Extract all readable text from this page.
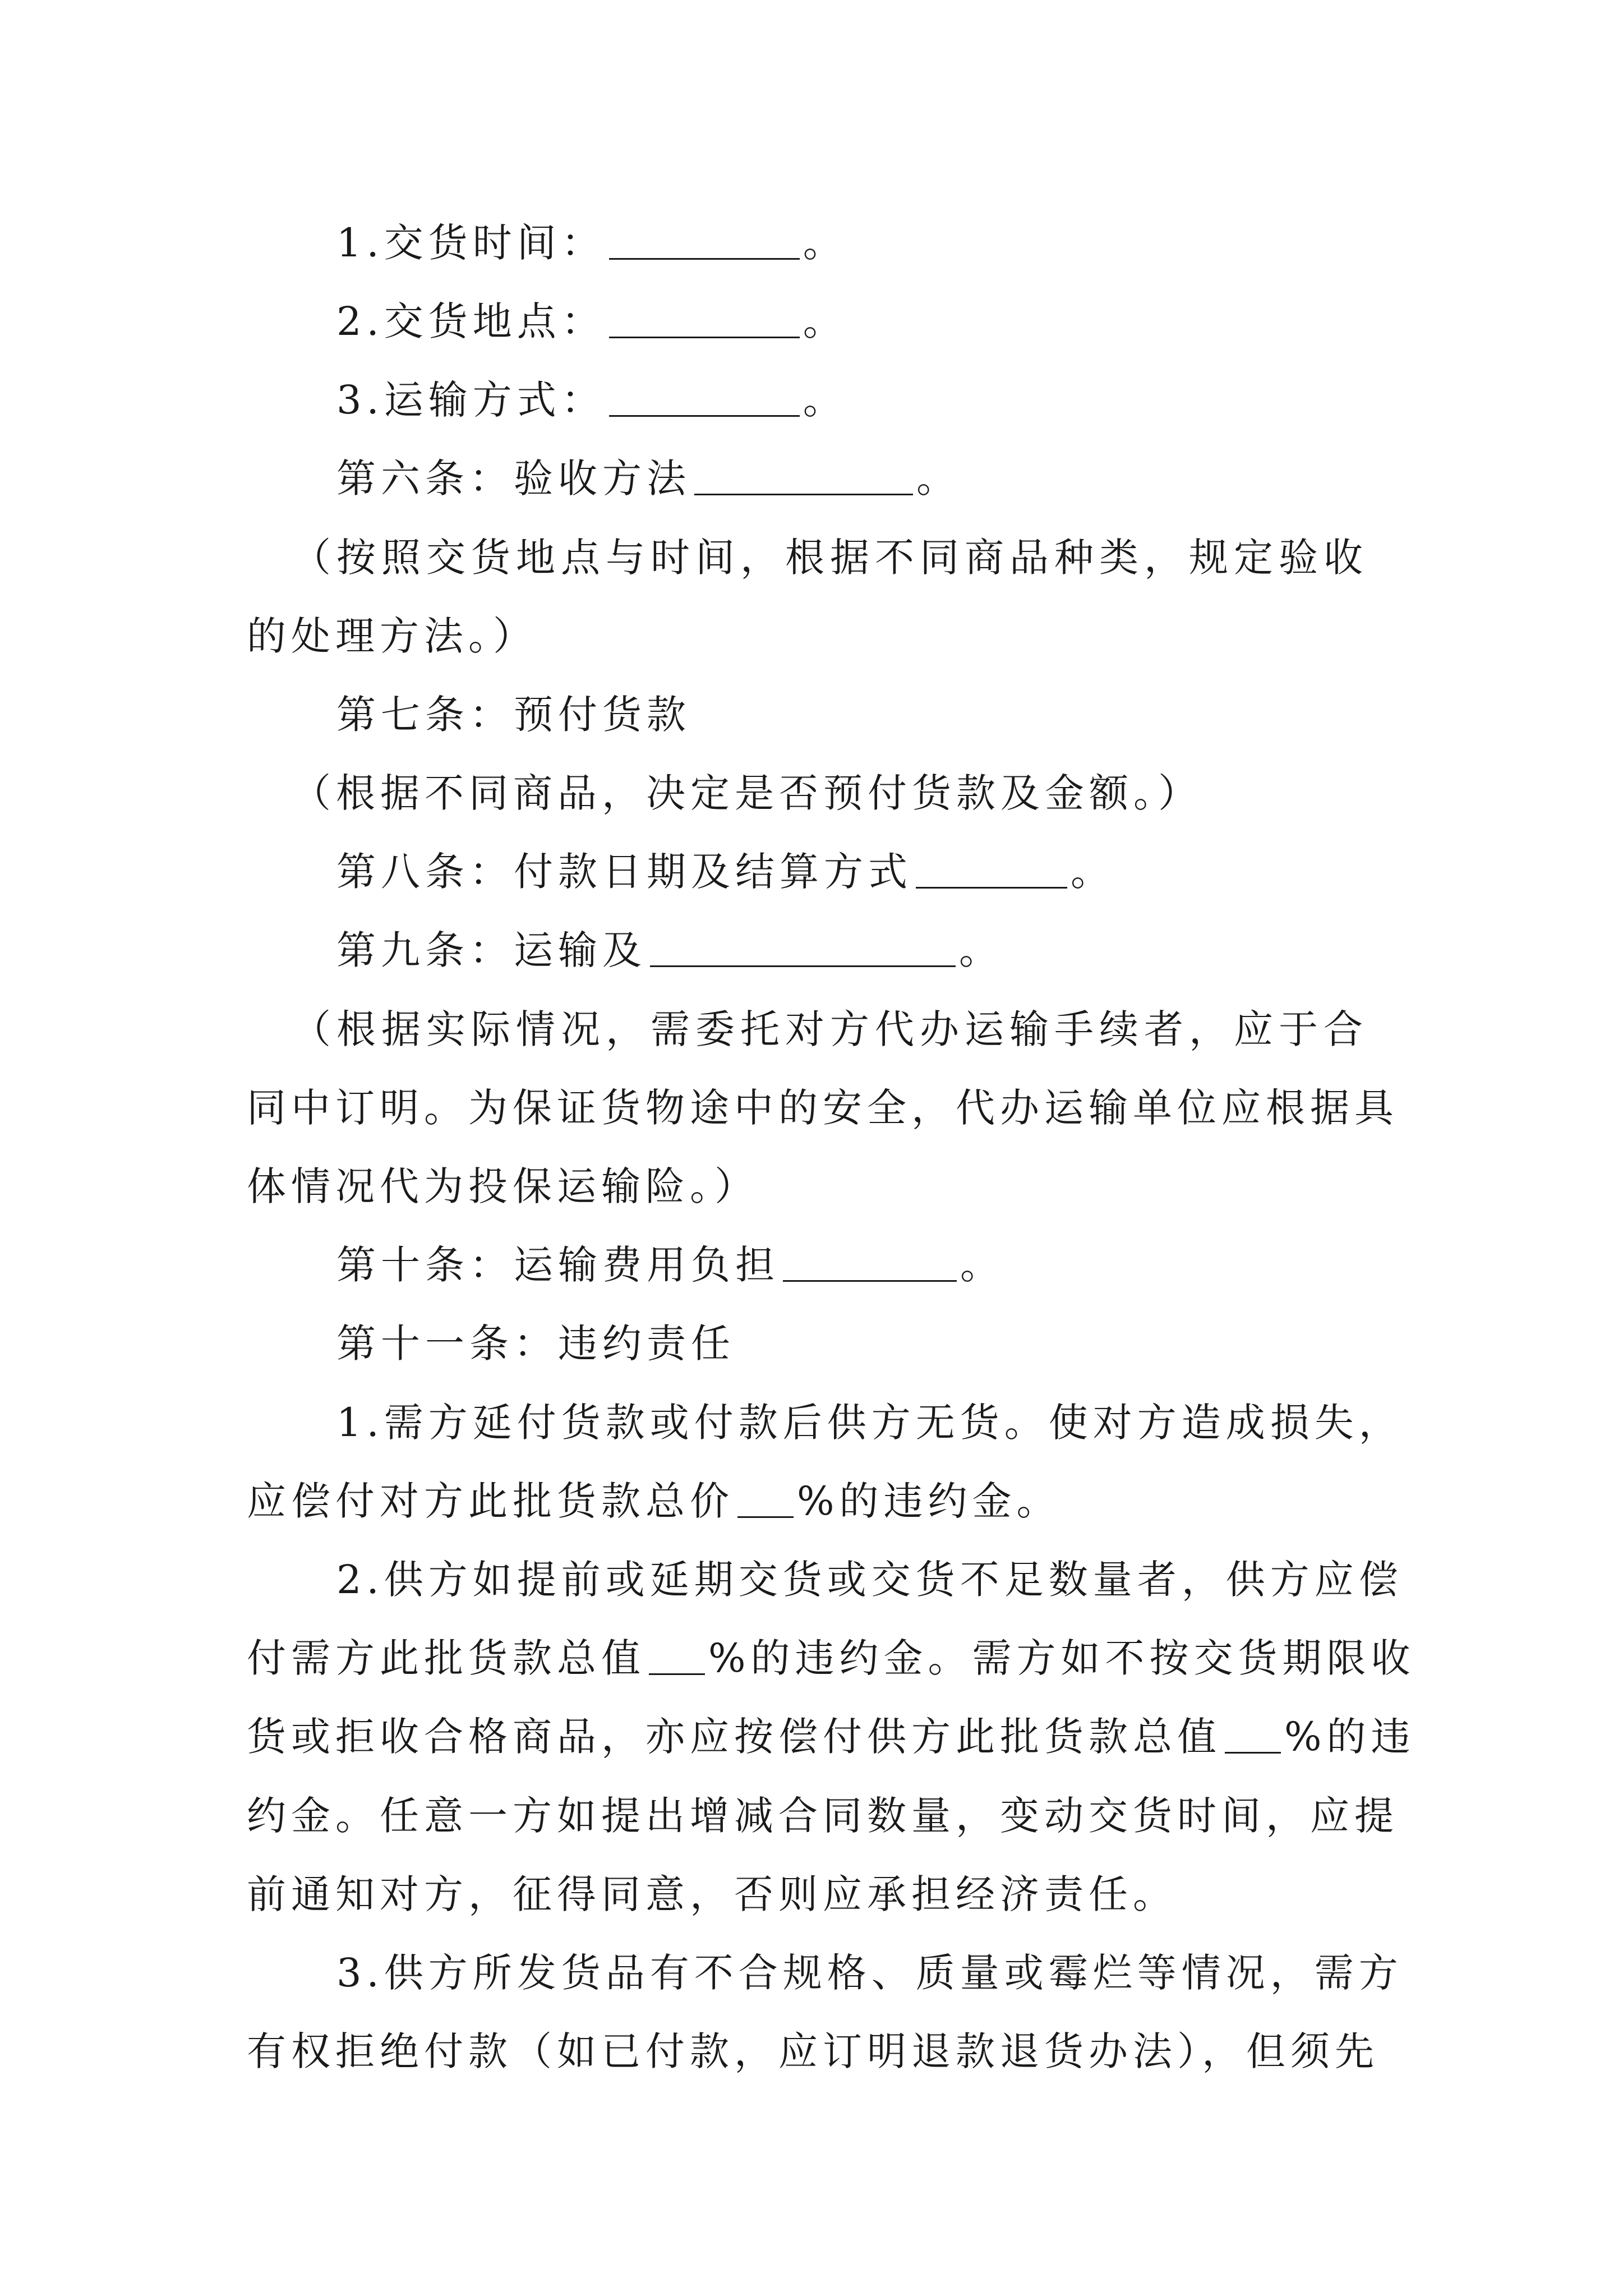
1.交货时间：	。
2.交货地点：	。
3.运输方式：	。
第六条：验收方法	。
（按照交货地点与时间，根据不同商品种类，规定验收
的处理方法。）
第七条：预付货款
（根据不同商品，决定是否预付货款及金额。）
第八条：付款日期及结算方式	。
第九条：运输及	。
（根据实际情况，需委托对方代办运输手续者，应于合
同中订明。为保证货物途中的安全，代办运输单位应根据具
体情况代为投保运输险。）
第十条：运输费用负担	。
第十一条：违约责任
1.需方延付货款或付款后供方无货。使对方造成损失，
应偿付对方此批货款总价 %的违约金。
2.供方如提前或延期交货或交货不足数量者，供方应偿
付需方此批货款总值 %的违约金。需方如不按交货期限收
货或拒收合格商品，亦应按偿付供方此批货款总值 %的违
约金。任意一方如提出增减合同数量，变动交货时间，应提
前通知对方，征得同意，否则应承担经济责任。
3.供方所发货品有不合规格、质量或霉烂等情况，需方
有权拒绝付款（如已付款，应订明退款退货办法），但须先
